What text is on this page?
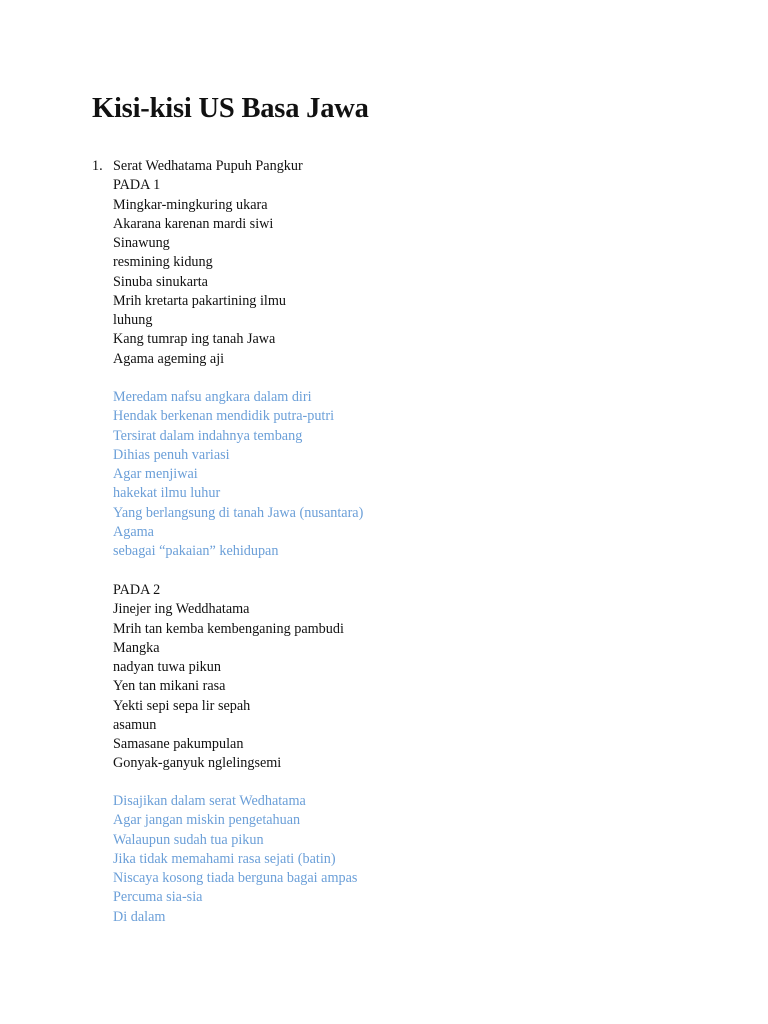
Kisi-kisi US Basa Jawa
1. Serat Wedhatama Pupuh Pangkur
PADA 1
Mingkar-mingkuring ukara
Akarana karenan mardi siwi
Sinawung
resmining kidung
Sinuba sinukarta
Mrih kretarta pakartining ilmu
luhung
Kang tumrap ing tanah Jawa
Agama ageming aji
Meredam nafsu angkara dalam diri
Hendak berkenan mendidik putra-putri
Tersirat dalam indahnya tembang
Dihias penuh variasi
Agar menjiwai
hakekat ilmu luhur
Yang berlangsung di tanah Jawa (nusantara)
Agama
sebagai “pakaian” kehidupan
PADA 2
Jinejer ing Weddhatama
Mrih tan kemba kembenganing pambudi
Mangka
nadyan tuwa pikun
Yen tan mikani rasa
Yekti sepi sepa lir sepah
asamun
Samasane pakumpulan
Gonyak-ganyuk nglelingsemi
Disajikan dalam serat Wedhatama
Agar jangan miskin pengetahuan
Walaupun sudah tua pikun
Jika tidak memahami rasa sejati (batin)
Niscaya kosong tiada berguna bagai ampas
Percuma sia-sia
Di dalam
